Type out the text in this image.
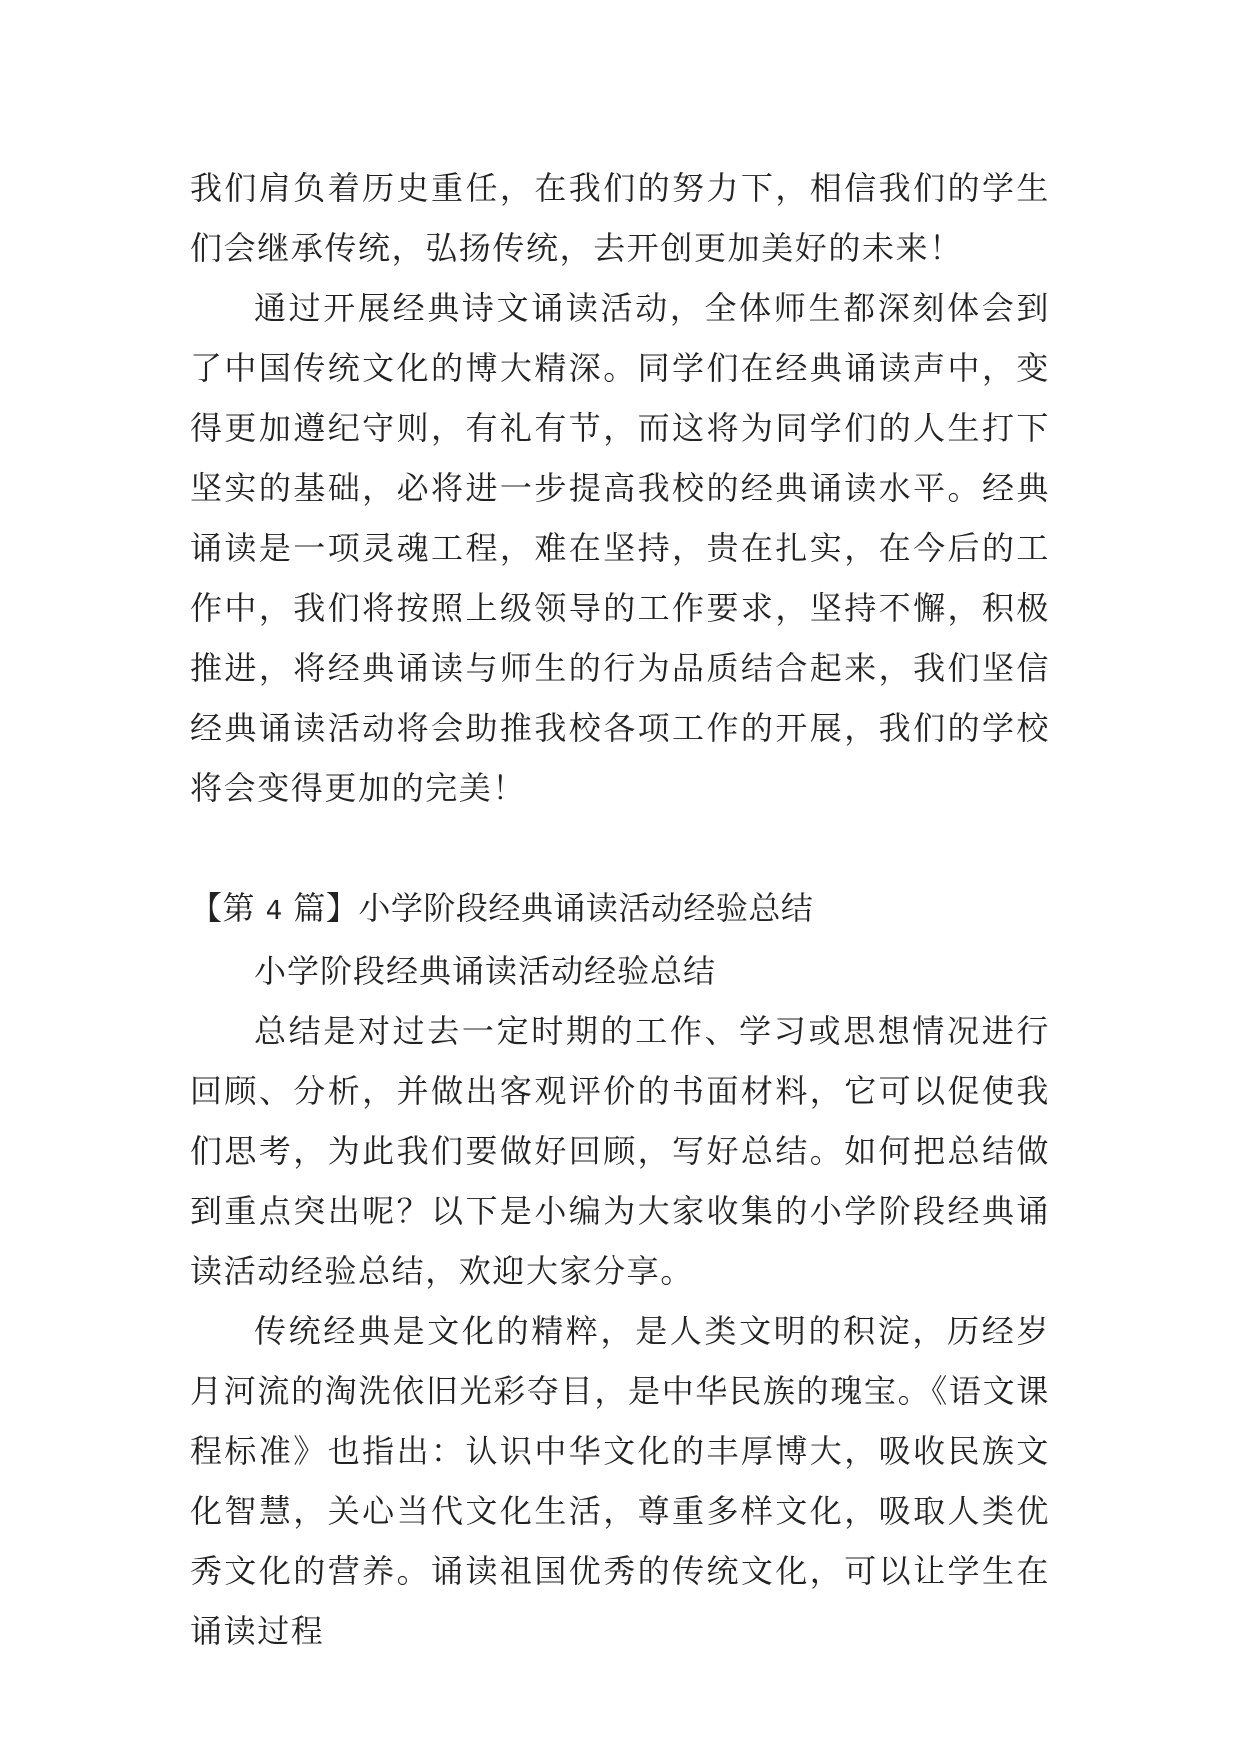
我们肩负着历史重任，在我们的努力下，相信我们的学生们会继承传统，弘扬传统，去开创更加美好的未来！

通过开展经典诗文诵读活动，全体师生都深刻体会到了中国传统文化的博大精深。同学们在经典诵读声中，变得更加遵纪守则，有礼有节，而这将为同学们的人生打下坚实的基础，必将进一步提高我校的经典诵读水平。经典诵读是一项灵魂工程，难在坚持，贵在扎实，在今后的工作中，我们将按照上级领导的工作要求，坚持不懈，积极推进，将经典诵读与师生的行为品质结合起来，我们坚信经典诵读活动将会助推我校各项工作的开展，我们的学校将会变得更加的完美！

【第 4 篇】小学阶段经典诵读活动经验总结

小学阶段经典诵读活动经验总结

总结是对过去一定时期的工作、学习或思想情况进行回顾、分析，并做出客观评价的书面材料，它可以促使我们思考，为此我们要做好回顾，写好总结。如何把总结做到重点突出呢？以下是小编为大家收集的小学阶段经典诵读活动经验总结，欢迎大家分享。

传统经典是文化的精粹，是人类文明的积淀，历经岁月河流的淘洗依旧光彩夺目，是中华民族的瑰宝。《语文课程标准》也指出：认识中华文化的丰厚博大，吸收民族文化智慧，关心当代文化生活，尊重多样文化，吸取人类优秀文化的营养。诵读祖国优秀的传统文化，可以让学生在诵读过程
